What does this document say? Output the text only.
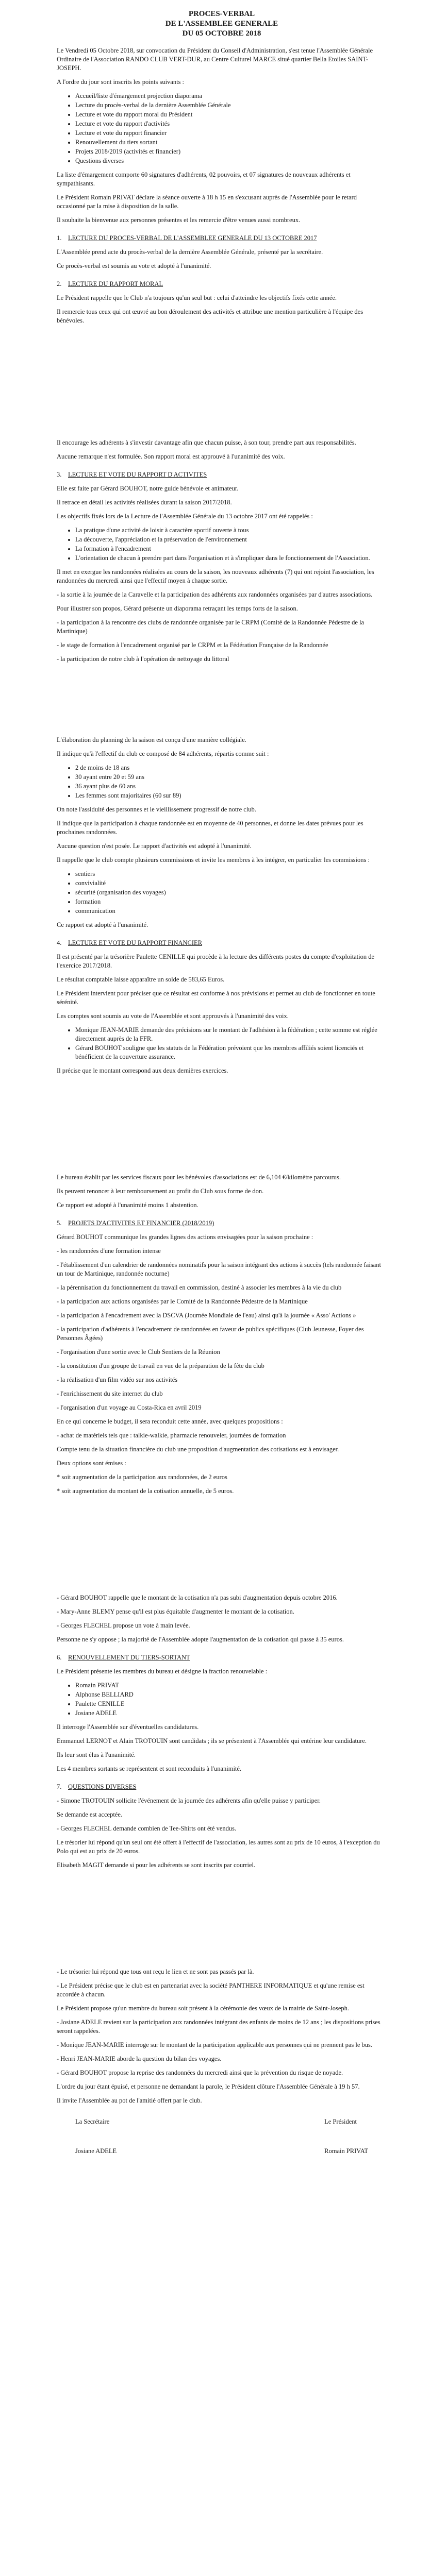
PROCES-VERBAL
DE L'ASSEMBLEE GENERALE
DU 05 OCTOBRE 2018

Le Vendredi 05 Octobre 2018, sur convocation du Président du Conseil d'Administration, s'est tenue l'Assemblée Générale Ordinaire de l'Association RANDO CLUB VERT-DUR, au Centre Culturel MARCE situé quartier Bella Etoiles SAINT-JOSEPH.

A l'ordre du jour sont inscrits les points suivants :

• Accueil/liste d'émargement projection diaporama
• Lecture du procès-verbal de la dernière Assemblée Générale
• Lecture et vote du rapport moral du Président
• Lecture et vote du rapport d'activités
• Lecture et vote du rapport financier
• Renouvellement du tiers sortant
• Projets 2018/2019 (activités et financier)
• Questions diverses

La liste d'émargement comporte 60 signatures d'adhérents, 02 pouvoirs, et 07 signatures de nouveaux adhérents et sympathisants.

Le Président Romain PRIVAT déclare la séance ouverte à 18 h 15 en s'excusant auprès de l'Assemblée pour le retard occasionné par la mise à disposition de la salle.

Il souhaite la bienvenue aux personnes présentes et les remercie d'être venues aussi nombreux.

1. LECTURE DU PROCES-VERBAL DE L'ASSEMBLEE GENERALE DU 13 OCTOBRE 2017

L'Assemblée prend acte du procès-verbal de la dernière Assemblée Générale, présenté par la secrétaire.

Ce procès-verbal est soumis au vote et adopté à l'unanimité.

2. LECTURE DU RAPPORT MORAL

Le Président rappelle que le Club n'a toujours qu'un seul but : celui d'atteindre les objectifs fixés cette année.

Il remercie tous ceux qui ont œuvré au bon déroulement des activités et attribue une mention particulière à l'équipe des bénévoles.

Il encourage les adhérents à s'investir davantage afin que chacun puisse, à son tour, prendre part aux responsabilités.

Aucune remarque n'est formulée. Son rapport moral est approuvé à l'unanimité des voix.

3. LECTURE ET VOTE DU RAPPORT D'ACTIVITES

Elle est faite par Gérard BOUHOT, notre guide bénévole et animateur.

Il retrace en détail les activités réalisées durant la saison 2017/2018.

Les objectifs fixés lors de la Lecture de l'Assemblée Générale du 13 octobre 2017 ont été rappelés :

• La pratique d'une activité de loisir à caractère sportif ouverte à tous
• La découverte, l'appréciation et la préservation de l'environnement
• La formation à l'encadrement
• L'orientation de chacun à prendre part dans l'organisation et à s'impliquer dans le fonctionnement de l'Association.

Il met en exergue les randonnées réalisées au cours de la saison, les nouveaux adhérents (7) qui ont rejoint l'association, les randonnées du mercredi ainsi que l'effectif moyen à chaque sortie.

- la sortie à la journée de la Caravelle et la participation des adhérents aux randonnées organisées par d'autres associations.

Pour illustrer son propos, Gérard présente un diaporama retraçant les temps forts de la saison.

- la participation à la rencontre des clubs de randonnée organisée par le CRPM (Comité de la Randonnée Pédestre de la Martinique)

- le stage de formation à l'encadrement organisé par le CRPM et la Fédération Française de la Randonnée

- la participation de notre club à l'opération de nettoyage du littoral

L'élaboration du planning de la saison est conçu d'une manière collégiale.

Il indique qu'à l'effectif du club ce composé de 84 adhérents, répartis comme suit :

• 2 de moins de 18 ans
• 30 ayant entre 20 et 59 ans
• 36 ayant plus de 60 ans
• Les femmes sont majoritaires (60 sur 89)

On note l'assiduité des personnes et le vieillissement progressif de notre club.

Il indique que la participation à chaque randonnée est en moyenne de 40 personnes, et donne les dates prévues pour les prochaines randonnées.

Aucune question n'est posée. Le rapport d'activités est adopté à l'unanimité.

Il rappelle que le club compte plusieurs commissions et invite les membres à les intégrer, en particulier les commissions :

• sentiers
• convivialité
• sécurité (organisation des voyages)
• formation
• communication

Ce rapport est adopté à l'unanimité.

4. LECTURE ET VOTE DU RAPPORT FINANCIER

Il est présenté par la trésorière Paulette CENILLE qui procède à la lecture des différents postes du compte d'exploitation de l'exercice 2017/2018.

Le résultat comptable laisse apparaître un solde de 583,65 Euros.

Le Président intervient pour préciser que ce résultat est conforme à nos prévisions et permet au club de fonctionner en toute sérénité.

Les comptes sont soumis au vote de l'Assemblée et sont approuvés à l'unanimité des voix.

• Monique JEAN-MARIE demande des précisions sur le montant de l'adhésion à la fédération ; cette somme est réglée directement auprès de la FFR.
• Gérard BOUHOT souligne que les statuts de la Fédération prévoient que les membres affiliés soient licenciés et bénéficient de la couverture assurance.

Il précise que le montant correspond aux deux dernières exercices.

Le bureau établit par les services fiscaux pour les bénévoles d'associations est de 6,104 €/kilomètre parcourus.

Ils peuvent renoncer à leur remboursement au profit du Club sous forme de don.

Ce rapport est adopté à l'unanimité moins 1 abstention.

5. PROJETS D'ACTIVITES ET FINANCIER (2018/2019)

Gérard BOUHOT communique les grandes lignes des actions envisagées pour la saison prochaine :

- les randonnées d'une formation intense

- l'établissement d'un calendrier de randonnées nominatifs pour la saison intégrant des actions à succès (tels randonnée faisant un tour de Martinique, randonnée nocturne)

- la pérennisation du fonctionnement du travail en commission, destiné à associer les membres à la vie du club

- la participation aux actions organisées par le Comité de la Randonnée Pédestre de la Martinique

- la participation à l'encadrement avec la DSCVA (Journée Mondiale de l'eau) ainsi qu'à la journée « Asso' Actions »

- la participation d'adhérents à l'encadrement de randonnées en faveur de publics spécifiques (Club Jeunesse, Foyer des Personnes Âgées)

- l'organisation d'une sortie avec le Club Sentiers de la Réunion

- la constitution d'un groupe de travail en vue de la préparation de la fête du club

- la réalisation d'un film vidéo sur nos activités

- l'enrichissement du site internet du club

- l'organisation d'un voyage au Costa-Rica en avril 2019

En ce qui concerne le budget, il sera reconduit cette année, avec quelques propositions :

- achat de matériels tels que : talkie-walkie, pharmacie renouveler, journées de formation

Compte tenu de la situation financière du club une proposition d'augmentation des cotisations est à envisager.

Deux options sont émises :

* soit augmentation de la participation aux randonnées, de 2 euros

* soit augmentation du montant de la cotisation annuelle, de 5 euros.

- Gérard BOUHOT rappelle que le montant de la cotisation n'a pas subi d'augmentation depuis octobre 2016.

- Mary-Anne BLEMY pense qu'il est plus équitable d'augmenter le montant de la cotisation.

- Georges FLECHEL propose un vote à main levée.

Personne ne s'y oppose ; la majorité de l'Assemblée adopte l'augmentation de la cotisation qui passe à 35 euros.

6. RENOUVELLEMENT DU TIERS-SORTANT

Le Président présente les membres du bureau et désigne la fraction renouvelable :

• Romain PRIVAT
• Alphonse BELLIARD
• Paulette CENILLE
• Josiane ADELE

Il interroge l'Assemblée sur d'éventuelles candidatures.

Emmanuel LERNOT et Alain TROTOUIN sont candidats ; ils se présentent à l'Assemblée qui entérine leur candidature.

Ils leur sont élus à l'unanimité.

Les 4 membres sortants se représentent et sont reconduits à l'unanimité.

7. QUESTIONS DIVERSES

- Simone TROTOUIN sollicite l'événement de la journée des adhérents afin qu'elle puisse y participer.

Se demande est acceptée.

- Georges FLECHEL demande combien de Tee-Shirts ont été vendus.

Le trésorier lui répond qu'un seul ont été offert à l'effectif de l'association, les autres sont au prix de 10 euros, à l'exception du Polo qui est au prix de 20 euros.

Elisabeth MAGIT demande si pour les adhérents se sont inscrits par courriel.

- Le trésorier lui répond que tous ont reçu le lien et ne sont pas passés par là.

- Le Président précise que le club est en partenariat avec la société PANTHERE INFORMATIQUE et qu'une remise est accordée à chacun.

Le Président propose qu'un membre du bureau soit présent à la cérémonie des vœux de la mairie de Saint-Joseph.

- Josiane ADELE revient sur la participation aux randonnées intégrant des enfants de moins de 12 ans ; les dispositions prises seront rappelées.

- Monique JEAN-MARIE interroge sur le montant de la participation applicable aux personnes qui ne prennent pas le bus.

- Henri JEAN-MARIE aborde la question du bilan des voyages.

- Gérard BOUHOT propose la reprise des randonnées du mercredi ainsi que la prévention du risque de noyade.

L'ordre du jour étant épuisé, et personne ne demandant la parole, le Président clôture l'Assemblée Générale à 19 h 57.

Il invite l'Assemblée au pot de l'amitié offert par le club.

La Secrétaire
Josiane ADELE
Le Président
Romain PRIVAT
